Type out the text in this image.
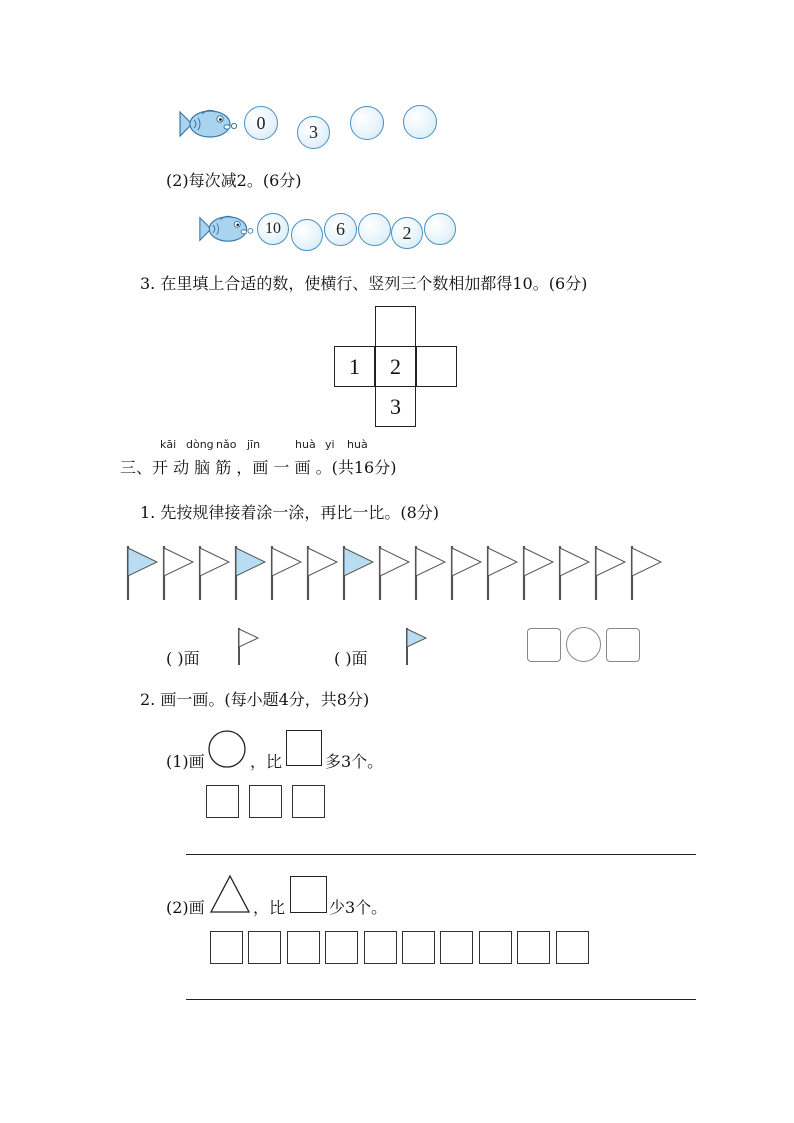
0	3
(2)每次减2。(6分)
10	6	2
3. 在里填上合适的数，使横行、竖列三个数相加都得10。(6分)
1	2
3
kāi dòng nǎo jīn	huà yi huà
三、开 动 脑 筋 ，画 一 画 。(共16分)
1. 先按规律接着涂一涂，再比一比。(8分)
( )面	( )面
2. 画一画。(每小题4分，共8分)
(1)画	，比	多3个。
(2)画	，比	少3个。
